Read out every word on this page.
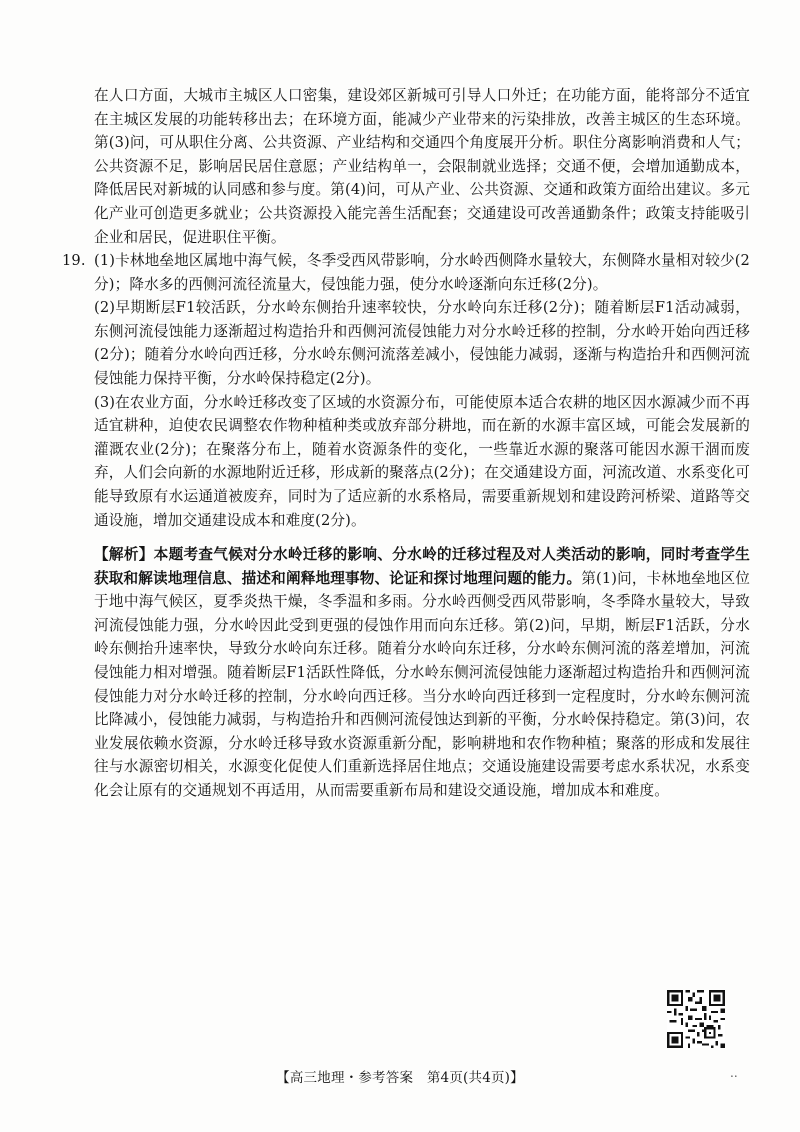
在人口方面，大城市主城区人口密集，建设郊区新城可引导人口外迁；在功能方面，能将部分不适宜在主城区发展的功能转移出去；在环境方面，能减少产业带来的污染排放，改善主城区的生态环境。第(3)问，可从职住分离、公共资源、产业结构和交通四个角度展开分析。职住分离影响消费和人气；公共资源不足，影响居民居住意愿；产业结构单一，会限制就业选择；交通不便，会增加通勤成本，降低居民对新城的认同感和参与度。第(4)问，可从产业、公共资源、交通和政策方面给出建议。多元化产业可创造更多就业；公共资源投入能完善生活配套；交通建设可改善通勤条件；政策支持能吸引企业和居民，促进职住平衡。

19. (1)卡林地垒地区属地中海气候，冬季受西风带影响，分水岭西侧降水量较大，东侧降水量相对较少(2分)；降水多的西侧河流径流量大，侵蚀能力强，使分水岭逐渐向东迁移(2分)。

(2)早期断层F1较活跃，分水岭东侧抬升速率较快，分水岭向东迁移(2分)；随着断层F1活动减弱，东侧河流侵蚀能力逐渐超过构造抬升和西侧河流侵蚀能力对分水岭迁移的控制，分水岭开始向西迁移(2分)；随着分水岭向西迁移，分水岭东侧河流落差减小，侵蚀能力减弱，逐渐与构造抬升和西侧河流侵蚀能力保持平衡，分水岭保持稳定(2分)。

(3)在农业方面，分水岭迁移改变了区域的水资源分布，可能使原本适合农耕的地区因水源减少而不再适宜耕种，迫使农民调整农作物种植种类或放弃部分耕地，而在新的水源丰富区域，可能会发展新的灌溉农业(2分)；在聚落分布上，随着水资源条件的变化，一些靠近水源的聚落可能因水源干涸而废弃，人们会向新的水源地附近迁移，形成新的聚落点(2分)；在交通建设方面，河流改道、水系变化可能导致原有水运通道被废弃，同时为了适应新的水系格局，需要重新规划和建设跨河桥梁、道路等交通设施，增加交通建设成本和难度(2分)。

【解析】本题考查气候对分水岭迁移的影响、分水岭的迁移过程及对人类活动的影响，同时考查学生获取和解读地理信息、描述和阐释地理事物、论证和探讨地理问题的能力。第(1)问，卡林地垒地区位于地中海气候区，夏季炎热干燥，冬季温和多雨。分水岭西侧受西风带影响，冬季降水量较大，导致河流侵蚀能力强，分水岭因此受到更强的侵蚀作用而向东迁移。第(2)问，早期，断层F1活跃，分水岭东侧抬升速率快，导致分水岭向东迁移。随着分水岭向东迁移，分水岭东侧河流的落差增加，河流侵蚀能力相对增强。随着断层F1活跃性降低，分水岭东侧河流侵蚀能力逐渐超过构造抬升和西侧河流侵蚀能力对分水岭迁移的控制，分水岭向西迁移。当分水岭向西迁移到一定程度时，分水岭东侧河流比降减小，侵蚀能力减弱，与构造抬升和西侧河流侵蚀达到新的平衡，分水岭保持稳定。第(3)问，农业发展依赖水资源，分水岭迁移导致水资源重新分配，影响耕地和农作物种植；聚落的形成和发展往往与水源密切相关，水源变化促使人们重新选择居住地点；交通设施建设需要考虑水系状况，水系变化会让原有的交通规划不再适用，从而需要重新布局和建设交通设施，增加成本和难度。

【高三地理・参考答案　第4页(共4页)】	..
